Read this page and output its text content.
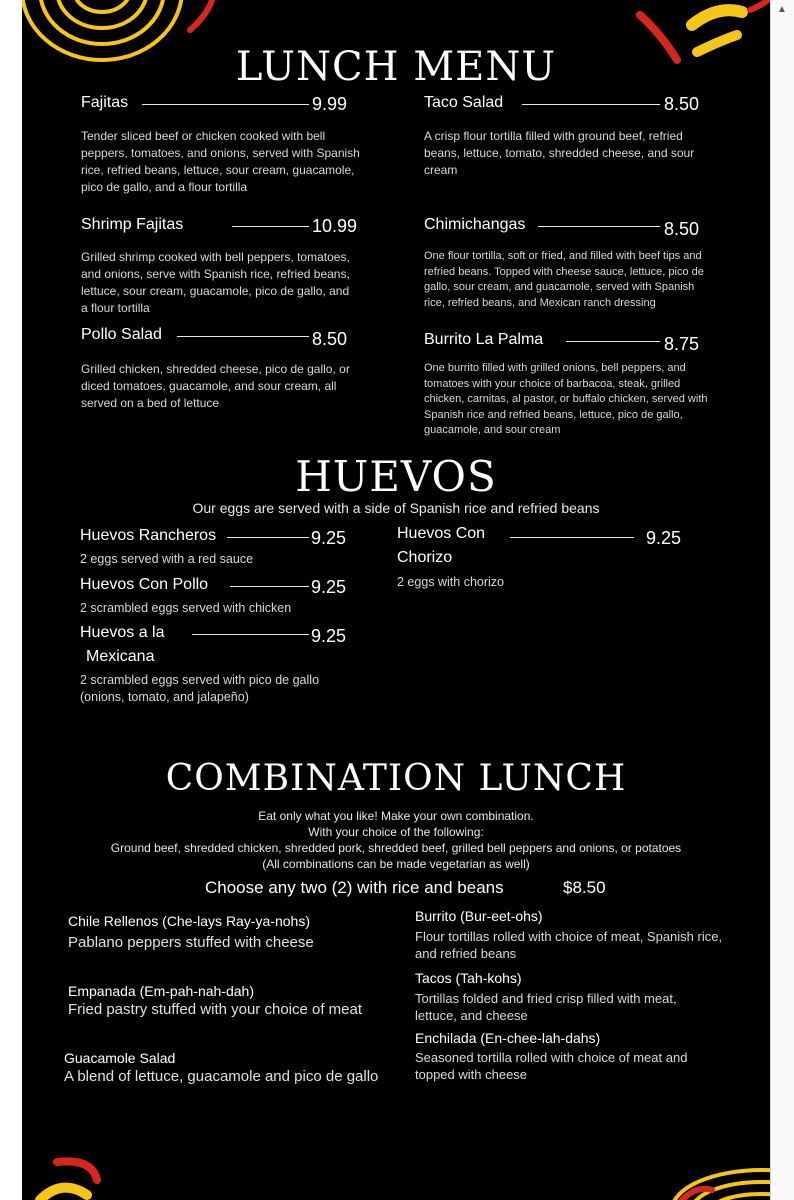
▲
LUNCH MENU
Fajitas	9.99
Tender sliced beef or chicken cooked with bell peppers, tomatoes, and onions, served with Spanish rice, refried beans, lettuce, sour cream, guacamole, pico de gallo, and a flour tortilla
Shrimp Fajitas	10.99
Grilled shrimp cooked with bell peppers, tomatoes, and onions, serve with Spanish rice, refried beans, lettuce, sour cream, guacamole, pico de gallo, and a flour tortilla
Pollo Salad	8.50
Grilled chicken, shredded cheese, pico de gallo, or diced tomatoes, guacamole, and sour cream, all served on a bed of lettuce
Taco Salad	8.50
A crisp flour tortilla filled with ground beef, refried beans, lettuce, tomato, shredded cheese, and sour cream
Chimichangas	8.50
One flour tortilla, soft or fried, and filled with beef tips and refried beans. Topped with cheese sauce, lettuce, pico de gallo, sour cream, and guacamole, served with Spanish rice, refried beans, and Mexican ranch dressing
Burrito La Palma	8.75
One burrito filled with grilled onions, bell peppers, and tomatoes with your choice of barbacoa, steak, grilled chicken, carnitas, al pastor, or buffalo chicken, served with Spanish rice and refried beans, lettuce, pico de gallo, guacamole, and sour cream
HUEVOS
Our eggs are served with a side of Spanish rice and refried beans
Huevos Rancheros	9.25
2 eggs served with a red sauce
Huevos Con Pollo	9.25
2 scrambled eggs served with chicken
Huevos a la
Mexicana
9.25
2 scrambled eggs served with pico de gallo (onions, tomato, and jalapeño)
Huevos Con
Chorizo
9.25
2 eggs with chorizo
COMBINATION LUNCH
Eat only what you like! Make your own combination.
With your choice of the following:
Ground beef, shredded chicken, shredded pork, shredded beef, grilled bell peppers and onions, or potatoes
(All combinations can be made vegetarian as well)
Choose any two (2) with rice and beans	$8.50
Chile Rellenos (Che-lays Ray-ya-nohs)
Pablano peppers stuffed with cheese
Empanada (Em-pah-nah-dah)
Fried pastry stuffed with your choice of meat
Guacamole Salad
A blend of lettuce, guacamole and pico de gallo
Burrito (Bur-eet-ohs)
Flour tortillas rolled with choice of meat, Spanish rice, and refried beans
Tacos (Tah-kohs)
Tortillas folded and fried crisp filled with meat, lettuce, and cheese
Enchilada (En-chee-lah-dahs)
Seasoned tortilla rolled with choice of meat and topped with cheese
